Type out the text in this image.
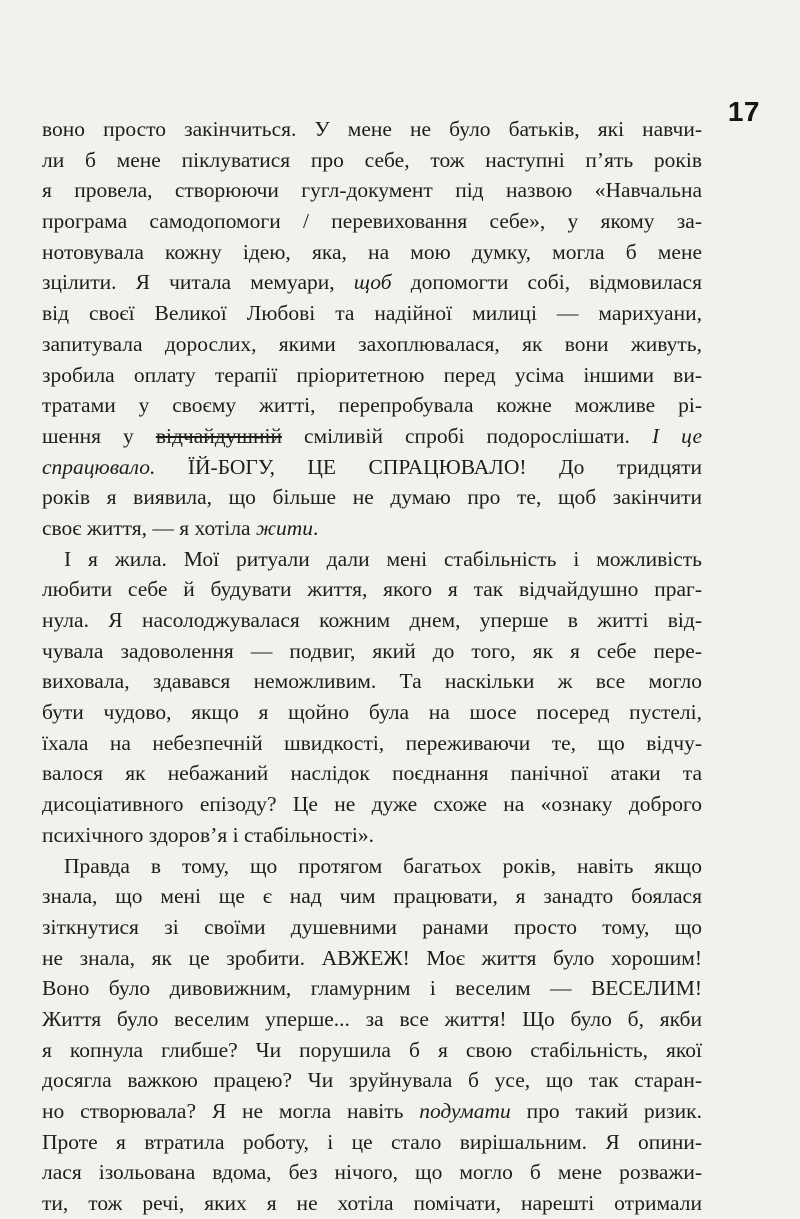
17
воно просто закінчиться. У мене не було батьків, які навчи-
ли б мене піклуватися про себе, тож наступні п’ять років
я провела, створюючи гугл-документ під назвою «Навчальна
програма самодопомоги / перевиховання себе», у якому за-
нотовувала кожну ідею, яка, на мою думку, могла б мене
зцілити. Я читала мемуари, щоб допомогти собі, відмовилася
від своєї Великої Любові та надійної милиці — марихуани,
запитувала дорослих, якими захоплювалася, як вони живуть,
зробила оплату терапії пріоритетною перед усіма іншими ви-
тратами у своєму житті, перепробувала кожне можливе рі-
шення у відчайдушній сміливій спробі подорослішати. І це
спрацювало. ЇЙ-БОГУ, ЦЕ СПРАЦЮВАЛО! До тридцяти
років я виявила, що більше не думаю про те, щоб закінчити
своє життя, — я хотіла жити.
І я жила. Мої ритуали дали мені стабільність і можливість
любити себе й будувати життя, якого я так відчайдушно праг-
нула. Я насолоджувалася кожним днем, уперше в житті від-
чувала задоволення — подвиг, який до того, як я себе пере-
виховала, здавався неможливим. Та наскільки ж все могло
бути чудово, якщо я щойно була на шосе посеред пустелі,
їхала на небезпечній швидкості, переживаючи те, що відчу-
валося як небажаний наслідок поєднання панічної атаки та
дисоціативного епізоду? Це не дуже схоже на «ознаку доброго
психічного здоров’я і стабільності».
Правда в тому, що протягом багатьох років, навіть якщо
знала, що мені ще є над чим працювати, я занадто боялася
зіткнутися зі своїми душевними ранами просто тому, що
не знала, як це зробити. АВЖЕЖ! Моє життя було хорошим!
Воно було дивовижним, гламурним і веселим — ВЕСЕЛИМ!
Життя було веселим уперше... за все життя! Що було б, якби
я копнула глибше? Чи порушила б я свою стабільність, якої
досягла важкою працею? Чи зруйнувала б усе, що так старан-
но створювала? Я не могла навіть подумати про такий ризик.
Проте я втратила роботу, і це стало вирішальним. Я опини-
лася ізольована вдома, без нічого, що могло б мене розважи-
ти, тож речі, яких я не хотіла помічати, нарешті отримали
